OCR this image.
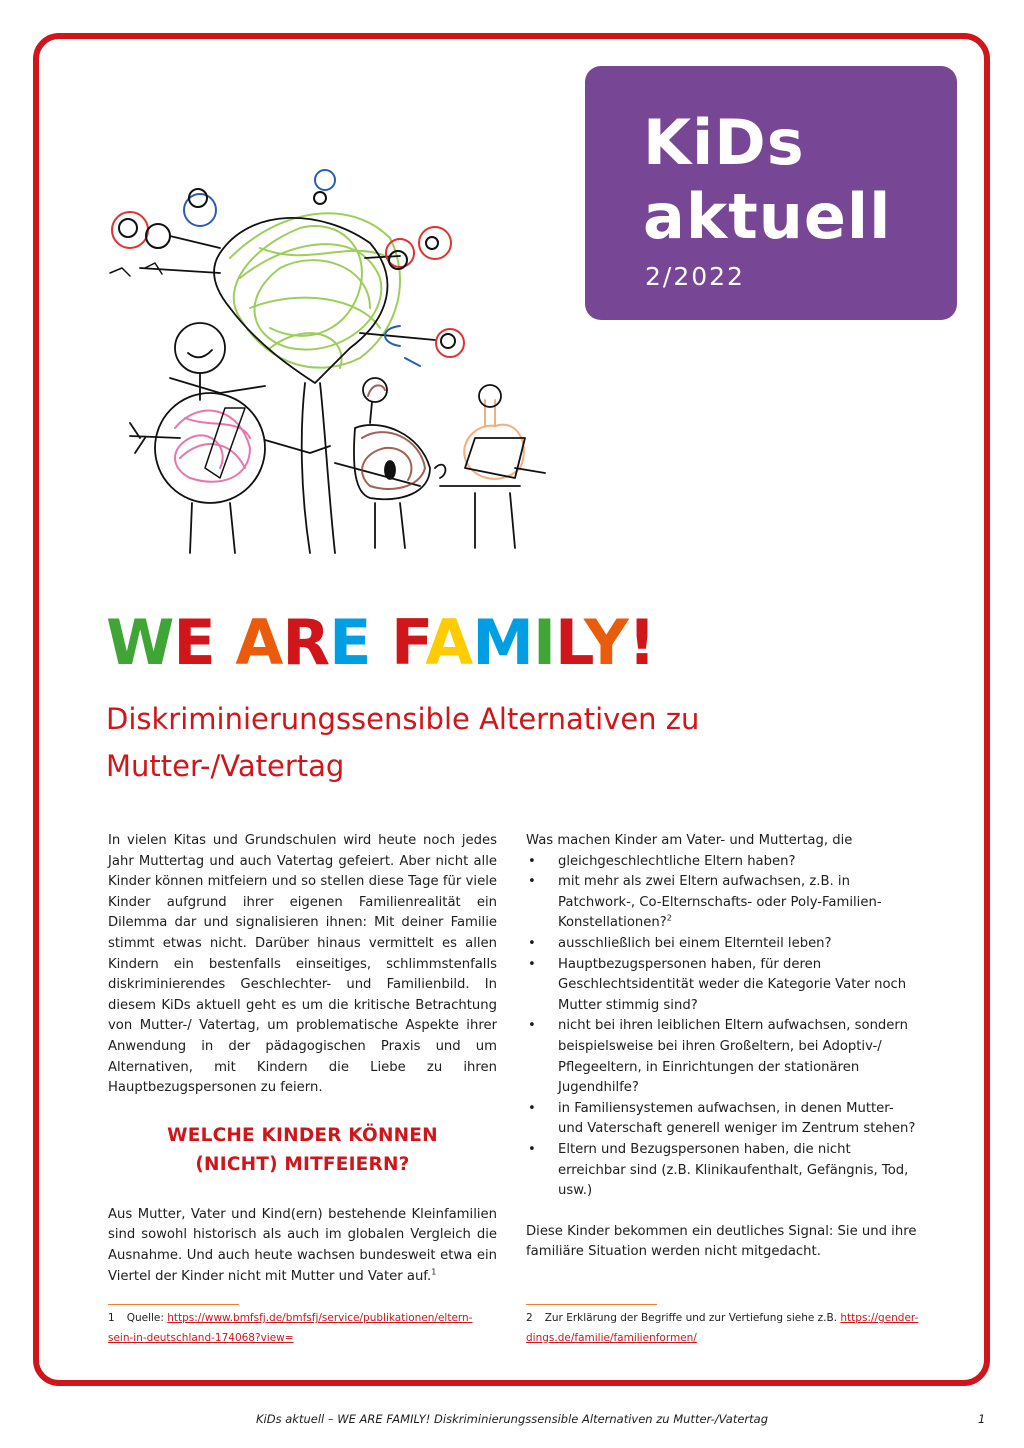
KiDs
aktuell
2/2022
WE ARE FAMILY!
Diskriminierungssensible Alternativen zu
Mutter-/Vatertag

In vielen Kitas und Grundschulen wird heute noch jedes Jahr Muttertag und auch Vatertag gefeiert. Aber nicht alle Kinder können mitfeiern und so stellen diese Tage für viele Kinder aufgrund ihrer eigenen Familienrealität ein Dilemma dar und signalisieren ihnen: Mit deiner Familie stimmt etwas nicht. Darüber hinaus vermittelt es allen Kindern ein bestenfalls einseitiges, schlimmstenfalls diskriminierendes Geschlechter- und Familienbild. In diesem KiDs aktuell geht es um die kritische Betrachtung von Mutter-/ Vatertag, um problematische Aspekte ihrer Anwendung in der pädagogischen Praxis und um Alternativen, mit Kindern die Liebe zu ihren Hauptbezugspersonen zu feiern.

WELCHE KINDER KÖNNEN
(NICHT) MITFEIERN?

Aus Mutter, Vater und Kind(ern) bestehende Kleinfamilien sind sowohl historisch als auch im globalen Vergleich die Ausnahme. Und auch heute wachsen bundesweit etwa ein Viertel der Kinder nicht mit Mutter und Vater auf.$^1$

Was machen Kinder am Vater- und Muttertag, die

• gleichgeschlechtliche Eltern haben?
• mit mehr als zwei Eltern aufwachsen, z.B. in Patchwork-, Co-Elternschafts- oder Poly-Familien-Konstellationen?$^2$
• ausschließlich bei einem Elternteil leben?
• Hauptbezugspersonen haben, für deren Geschlechtsidentität weder die Kategorie Vater noch Mutter stimmig sind?
• nicht bei ihren leiblichen Eltern aufwachsen, sondern beispielsweise bei ihren Großeltern, bei Adoptiv-/ Pflegeeltern, in Einrichtungen der stationären Jugendhilfe?
• in Familiensystemen aufwachsen, in denen Mutter- und Vaterschaft generell weniger im Zentrum stehen?
• Eltern und Bezugspersonen haben, die nicht erreichbar sind (z.B. Klinikaufenthalt, Gefängnis, Tod, usw.)

Diese Kinder bekommen ein deutliches Signal: Sie und ihre familiäre Situation werden nicht mitgedacht.

1 Quelle: https://www.bmfsfj.de/bmfsfj/service/publikationen/eltern-
sein-in-deutschland-174068?view=
2 Zur Erklärung der Begriffe und zur Vertiefung siehe z.B. https://gender-
dings.de/familie/familienformen/
KiDs aktuell – WE ARE FAMILY! Diskriminierungssensible Alternativen zu Mutter-/Vatertag	1
